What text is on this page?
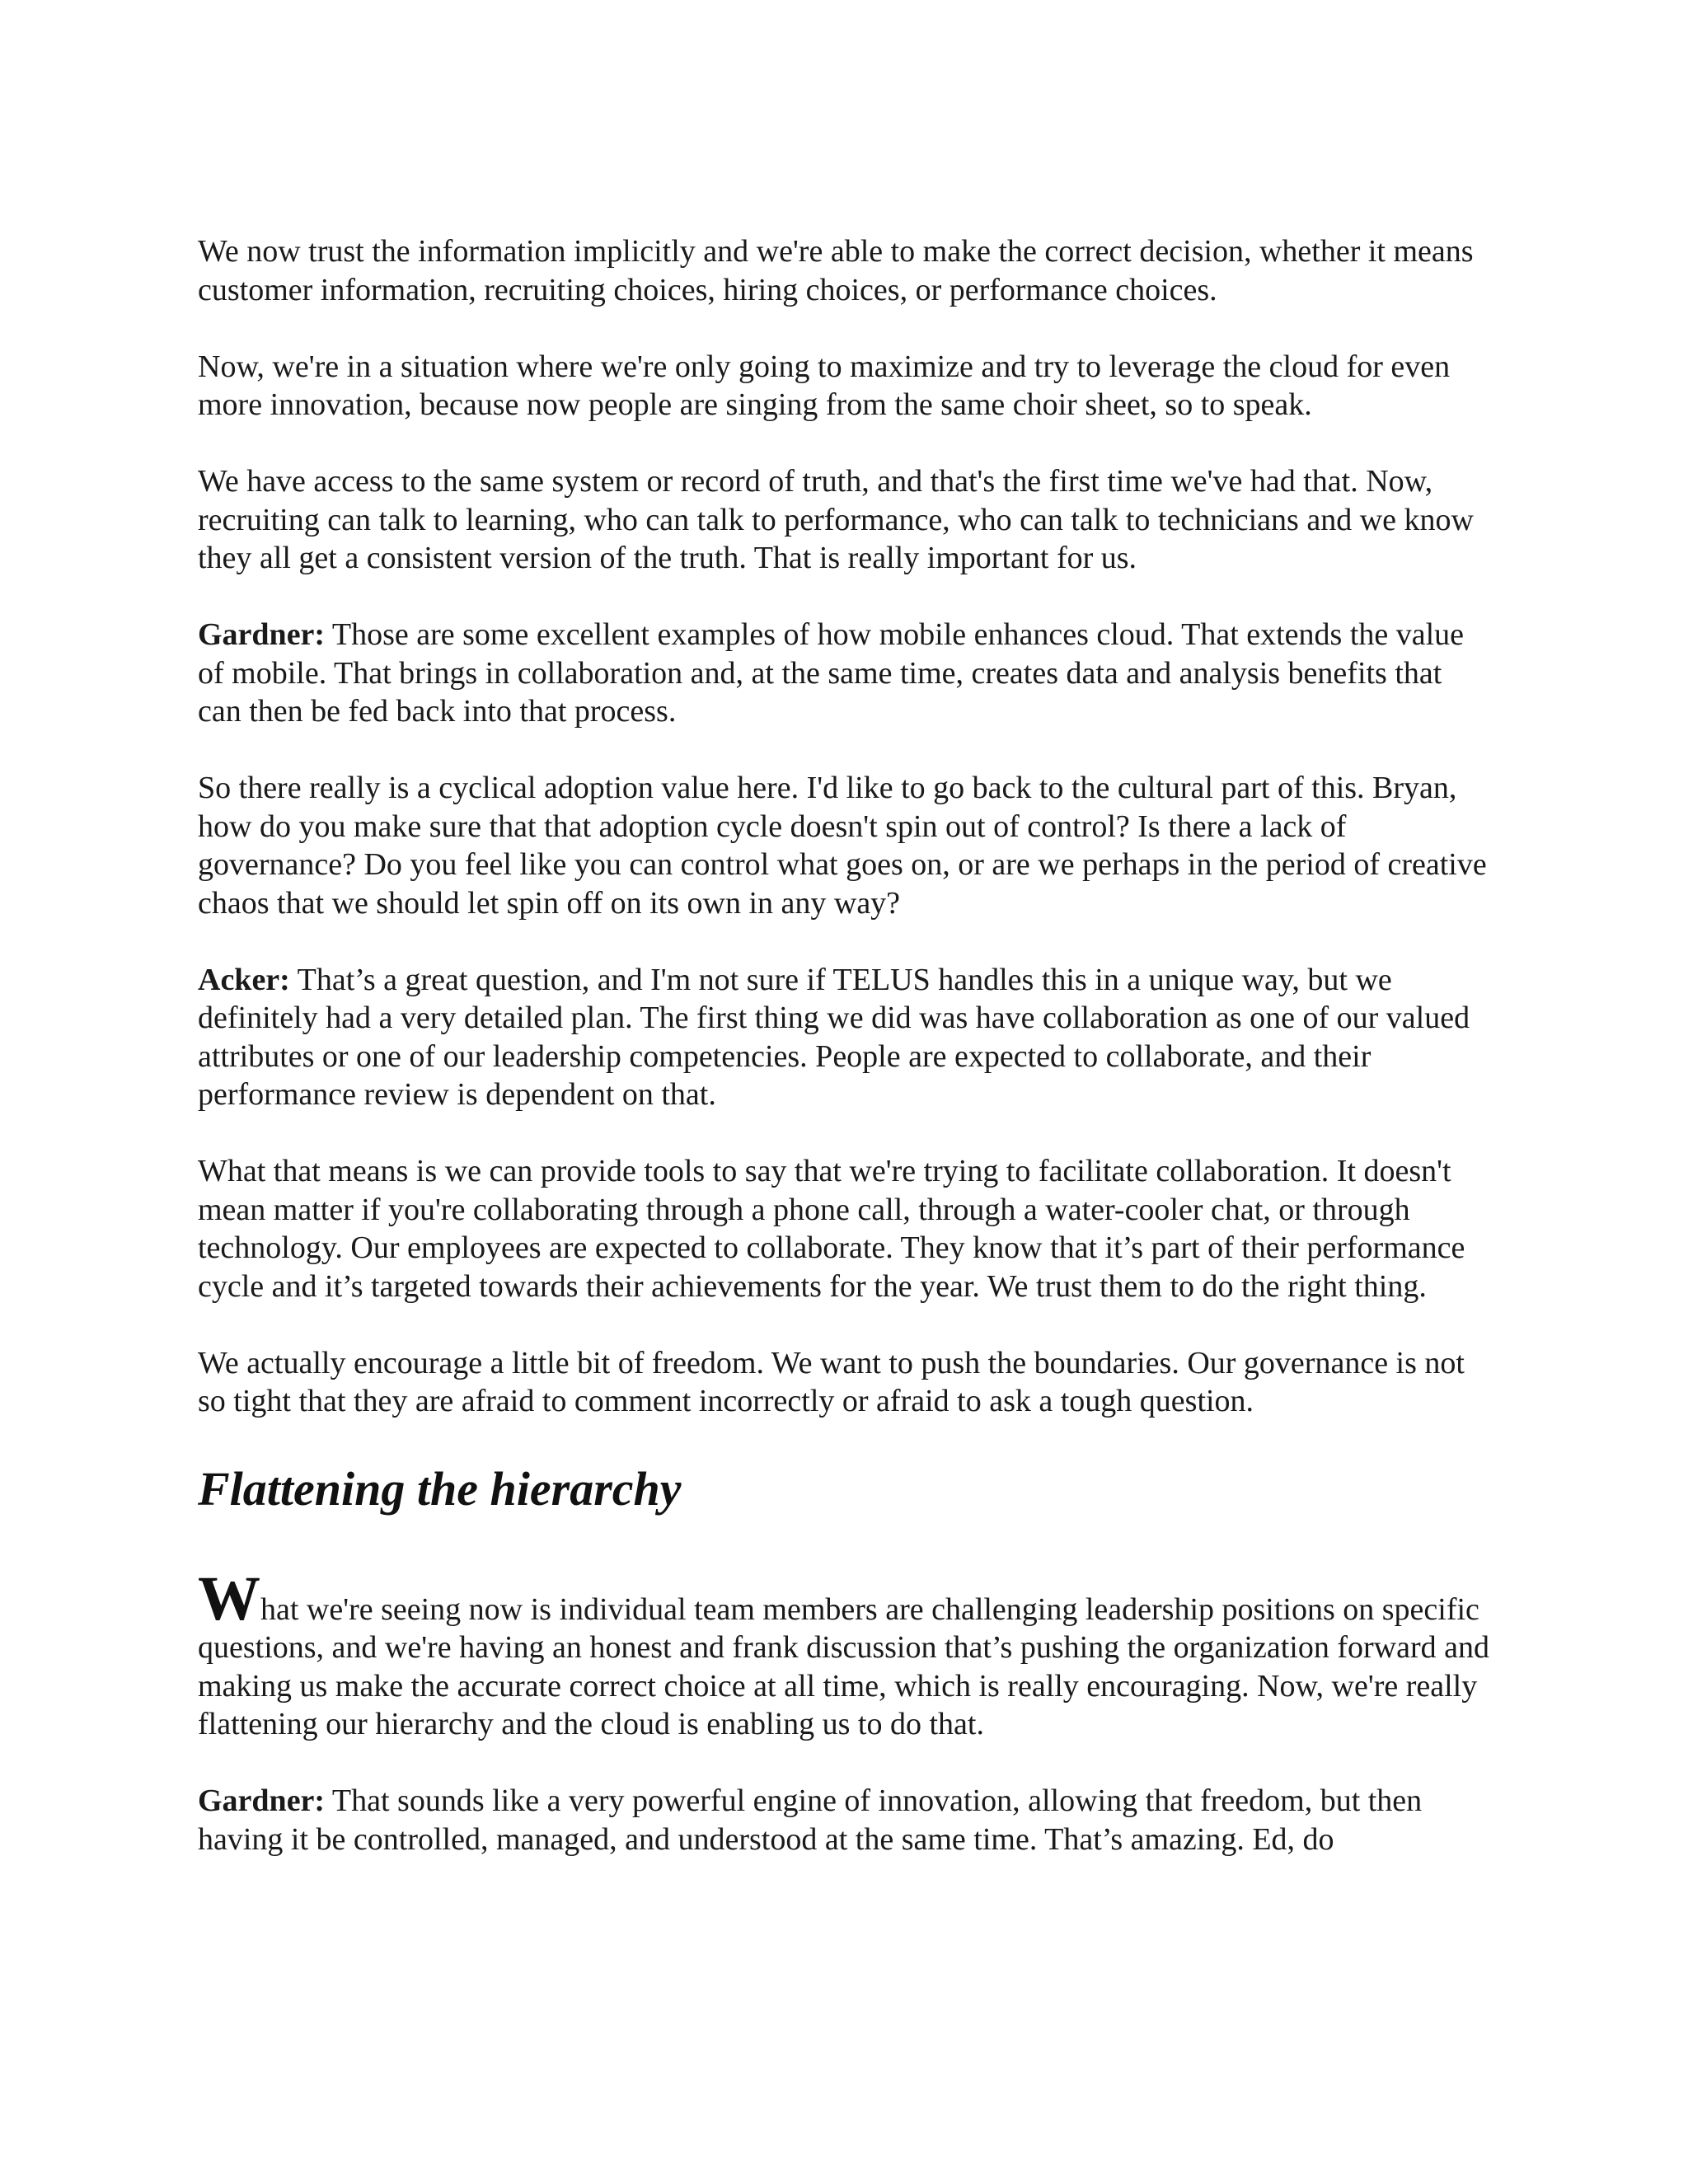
We now trust the information implicitly and we're able to make the correct decision, whether it means customer information, recruiting choices, hiring choices, or performance choices.

Now, we're in a situation where we're only going to maximize and try to leverage the cloud for even more innovation, because now people are singing from the same choir sheet, so to speak.

We have access to the same system or record of truth, and that's the first time we've had that. Now, recruiting can talk to learning, who can talk to performance, who can talk to technicians and we know they all get a consistent version of the truth. That is really important for us.

Gardner: Those are some excellent examples of how mobile enhances cloud. That extends the value of mobile. That brings in collaboration and, at the same time, creates data and analysis benefits that can then be fed back into that process.

So there really is a cyclical adoption value here. I'd like to go back to the cultural part of this. Bryan, how do you make sure that that adoption cycle doesn't spin out of control? Is there a lack of governance? Do you feel like you can control what goes on, or are we perhaps in the period of creative chaos that we should let spin off on its own in any way?

Acker: That’s a great question, and I'm not sure if TELUS handles this in a unique way, but we definitely had a very detailed plan. The first thing we did was have collaboration as one of our valued attributes or one of our leadership competencies. People are expected to collaborate, and their performance review is dependent on that.

What that means is we can provide tools to say that we're trying to facilitate collaboration. It doesn't mean matter if you're collaborating through a phone call, through a water-cooler chat, or through technology. Our employees are expected to collaborate. They know that it’s part of their performance cycle and it’s targeted towards their achievements for the year. We trust them to do the right thing.

We actually encourage a little bit of freedom. We want to push the boundaries. Our governance is not so tight that they are afraid to comment incorrectly or afraid to ask a tough question.

Flattening the hierarchy

What we're seeing now is individual team members are challenging leadership positions on specific questions, and we're having an honest and frank discussion that’s pushing the organization forward and making us make the accurate correct choice at all time, which is really encouraging. Now, we're really flattening our hierarchy and the cloud is enabling us to do that.

Gardner: That sounds like a very powerful engine of innovation, allowing that freedom, but then having it be controlled, managed, and understood at the same time. That’s amazing. Ed, do
